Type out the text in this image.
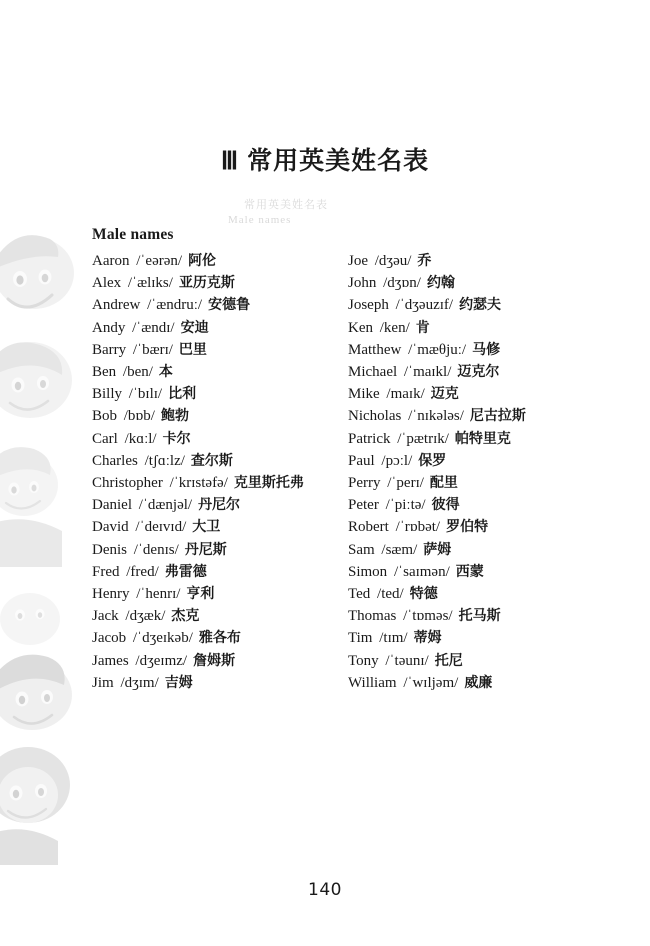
常用英美姓名表
Male names
Ⅲ 常用英美姓名表
Male names
Aaron /ˈeərən/ 阿伦
Alex /ˈælɪks/ 亚历克斯
Andrew /ˈændruː/ 安德鲁
Andy /ˈændɪ/ 安迪
Barry /ˈbærɪ/ 巴里
Ben /ben/ 本
Billy /ˈbɪlɪ/ 比利
Bob /bɒb/ 鲍勃
Carl /kɑːl/ 卡尔
Charles /tʃɑːlz/ 查尔斯
Christopher /ˈkrɪstəfə/ 克里斯托弗
Daniel /ˈdænjəl/ 丹尼尔
David /ˈdeɪvɪd/ 大卫
Denis /ˈdenɪs/ 丹尼斯
Fred /fred/ 弗雷德
Henry /ˈhenrɪ/ 亨利
Jack /dʒæk/ 杰克
Jacob /ˈdʒeɪkəb/ 雅各布
James /dʒeɪmz/ 詹姆斯
Jim /dʒɪm/ 吉姆
Joe /dʒəu/ 乔
John /dʒɒn/ 约翰
Joseph /ˈdʒəuzɪf/ 约瑟夫
Ken /ken/ 肯
Matthew /ˈmæθjuː/ 马修
Michael /ˈmaɪkl/ 迈克尔
Mike /maɪk/ 迈克
Nicholas /ˈnɪkələs/ 尼古拉斯
Patrick /ˈpætrɪk/ 帕特里克
Paul /pɔːl/ 保罗
Perry /ˈperɪ/ 配里
Peter /ˈpiːtə/ 彼得
Robert /ˈrɒbət/ 罗伯特
Sam /sæm/ 萨姆
Simon /ˈsaɪmən/ 西蒙
Ted /ted/ 特德
Thomas /ˈtɒməs/ 托马斯
Tim /tɪm/ 蒂姆
Tony /ˈtəunɪ/ 托尼
William /ˈwɪljəm/ 威廉
140
